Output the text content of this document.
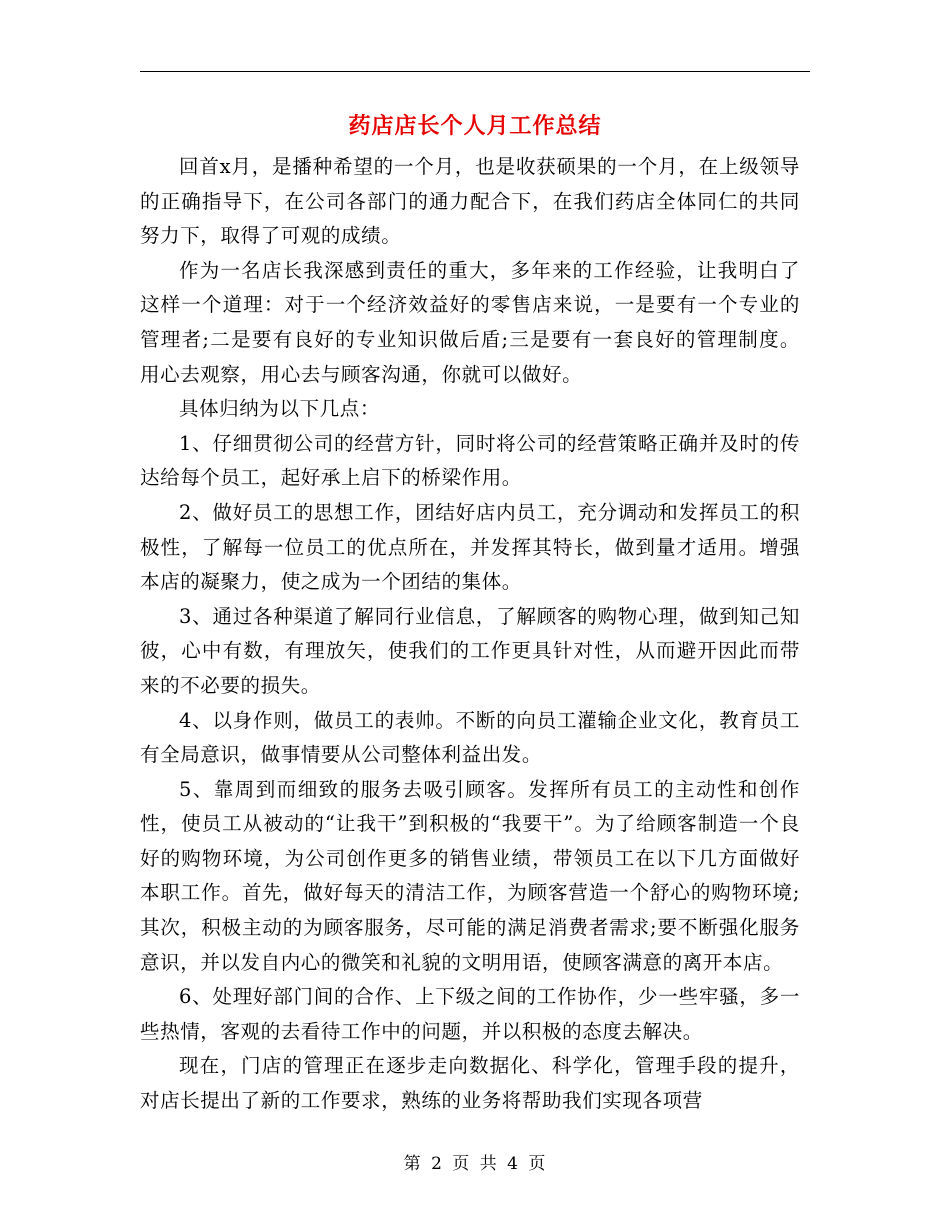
药店店长个人月工作总结

回首x月，是播种希望的一个月，也是收获硕果的一个月，在上级领导的正确指导下，在公司各部门的通力配合下，在我们药店全体同仁的共同努力下，取得了可观的成绩。

作为一名店长我深感到责任的重大，多年来的工作经验，让我明白了这样一个道理：对于一个经济效益好的零售店来说，一是要有一个专业的管理者;二是要有良好的专业知识做后盾;三是要有一套良好的管理制度。 用心去观察，用心去与顾客沟通，你就可以做好。

具体归纳为以下几点：

1、仔细贯彻公司的经营方针，同时将公司的经营策略正确并及时的传达给每个员工，起好承上启下的桥梁作用。

2、做好员工的思想工作，团结好店内员工，充分调动和发挥员工的积极性，了解每一位员工的优点所在，并发挥其特长，做到量才适用。增强本店的凝聚力，使之成为一个团结的集体。

3、通过各种渠道了解同行业信息，了解顾客的购物心理，做到知己知彼，心中有数，有理放矢，使我们的工作更具针对性，从而避开因此而带来的不必要的损失。

4、以身作则，做员工的表帅。不断的向员工灌输企业文化，教育员工有全局意识，做事情要从公司整体利益出发。

5、靠周到而细致的服务去吸引顾客。发挥所有员工的主动性和创作性，使员工从被动的“让我干”到积极的“我要干”。为了给顾客制造一个良好的购物环境，为公司创作更多的销售业绩，带领员工在以下几方面做好本职工作。首先，做好每天的清洁工作，为顾客营造一个舒心的购物环境;其次，积极主动的为顾客服务，尽可能的满足消费者需求;要不断强化服务意识，并以发自内心的微笑和礼貌的文明用语，使顾客满意的离开本店。

6、处理好部门间的合作、上下级之间的工作协作，少一些牢骚，多一些热情，客观的去看待工作中的问题，并以积极的态度去解决。

现在，门店的管理正在逐步走向数据化、科学化，管理手段的提升，对店长提出了新的工作要求，熟练的业务将帮助我们实现各项营

第 2 页 共 4 页
